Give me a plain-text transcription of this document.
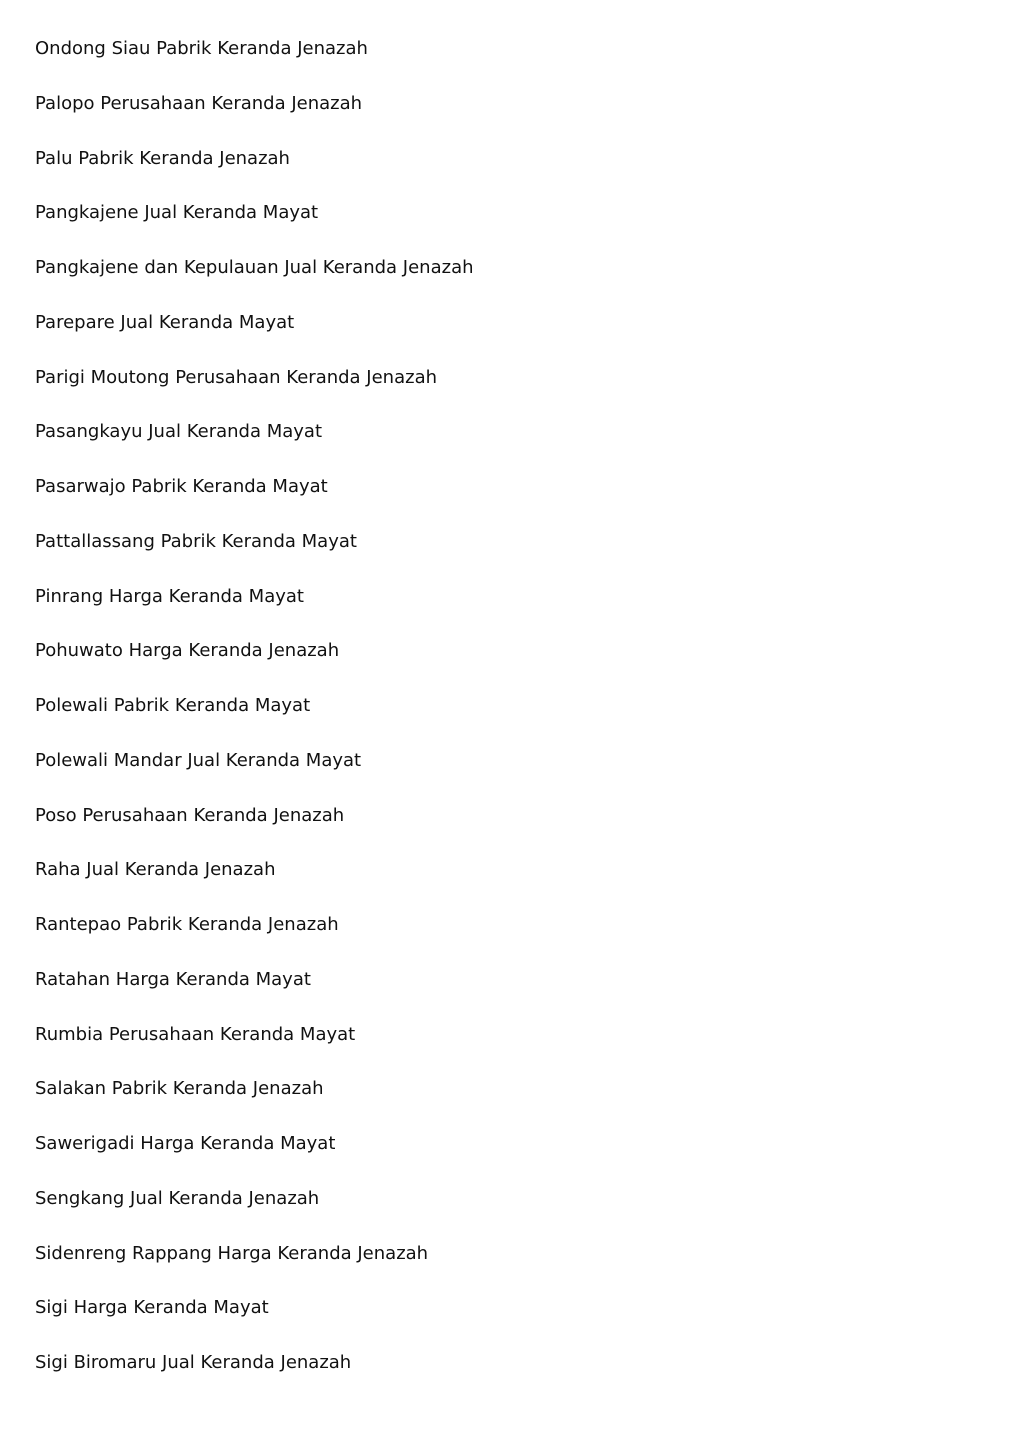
Ondong Siau Pabrik Keranda Jenazah
Palopo Perusahaan Keranda Jenazah
Palu Pabrik Keranda Jenazah
Pangkajene Jual Keranda Mayat
Pangkajene dan Kepulauan Jual Keranda Jenazah
Parepare Jual Keranda Mayat
Parigi Moutong Perusahaan Keranda Jenazah
Pasangkayu Jual Keranda Mayat
Pasarwajo Pabrik Keranda Mayat
Pattallassang Pabrik Keranda Mayat
Pinrang Harga Keranda Mayat
Pohuwato Harga Keranda Jenazah
Polewali Pabrik Keranda Mayat
Polewali Mandar Jual Keranda Mayat
Poso Perusahaan Keranda Jenazah
Raha Jual Keranda Jenazah
Rantepao Pabrik Keranda Jenazah
Ratahan Harga Keranda Mayat
Rumbia Perusahaan Keranda Mayat
Salakan Pabrik Keranda Jenazah
Sawerigadi Harga Keranda Mayat
Sengkang Jual Keranda Jenazah
Sidenreng Rappang Harga Keranda Jenazah
Sigi Harga Keranda Mayat
Sigi Biromaru Jual Keranda Jenazah
